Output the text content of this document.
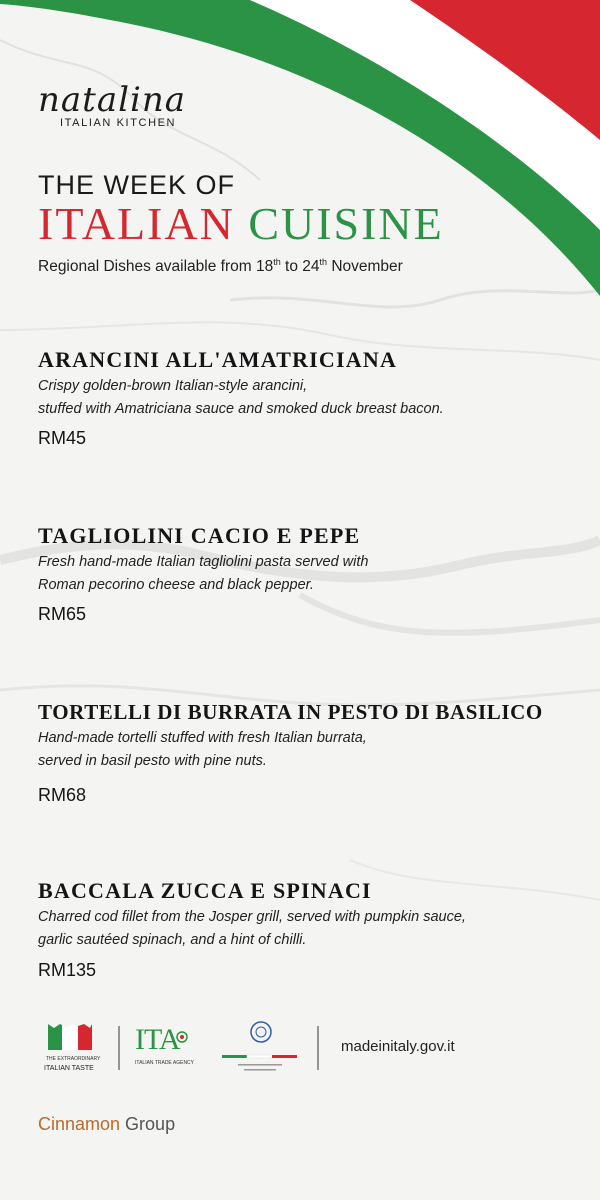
natalina
ITALIAN KITCHEN
THE WEEK OF
ITALIAN CUISINE
Regional Dishes available from 18th to 24th November
ARANCINI ALL'AMATRICIANA
Crispy golden-brown Italian-style arancini,
stuffed with Amatriciana sauce and smoked duck breast bacon.
RM45
TAGLIOLINI CACIO E PEPE
Fresh hand-made Italian tagliolini pasta served with
Roman pecorino cheese and black pepper.
RM65
TORTELLI DI BURRATA IN PESTO DI BASILICO
Hand-made tortelli stuffed with fresh Italian burrata,
served in basil pesto with pine nuts.
RM68
BACCALA ZUCCA E SPINACI
Charred cod fillet from the Josper grill, served with pumpkin sauce,
garlic sautéed spinach, and a hint of chilli.
RM135
THE EXTRAORDINARY
ITALIAN TASTE
ITA
ITALIAN TRADE AGENCY
madeinitaly.gov.it
Cinnamon Group
